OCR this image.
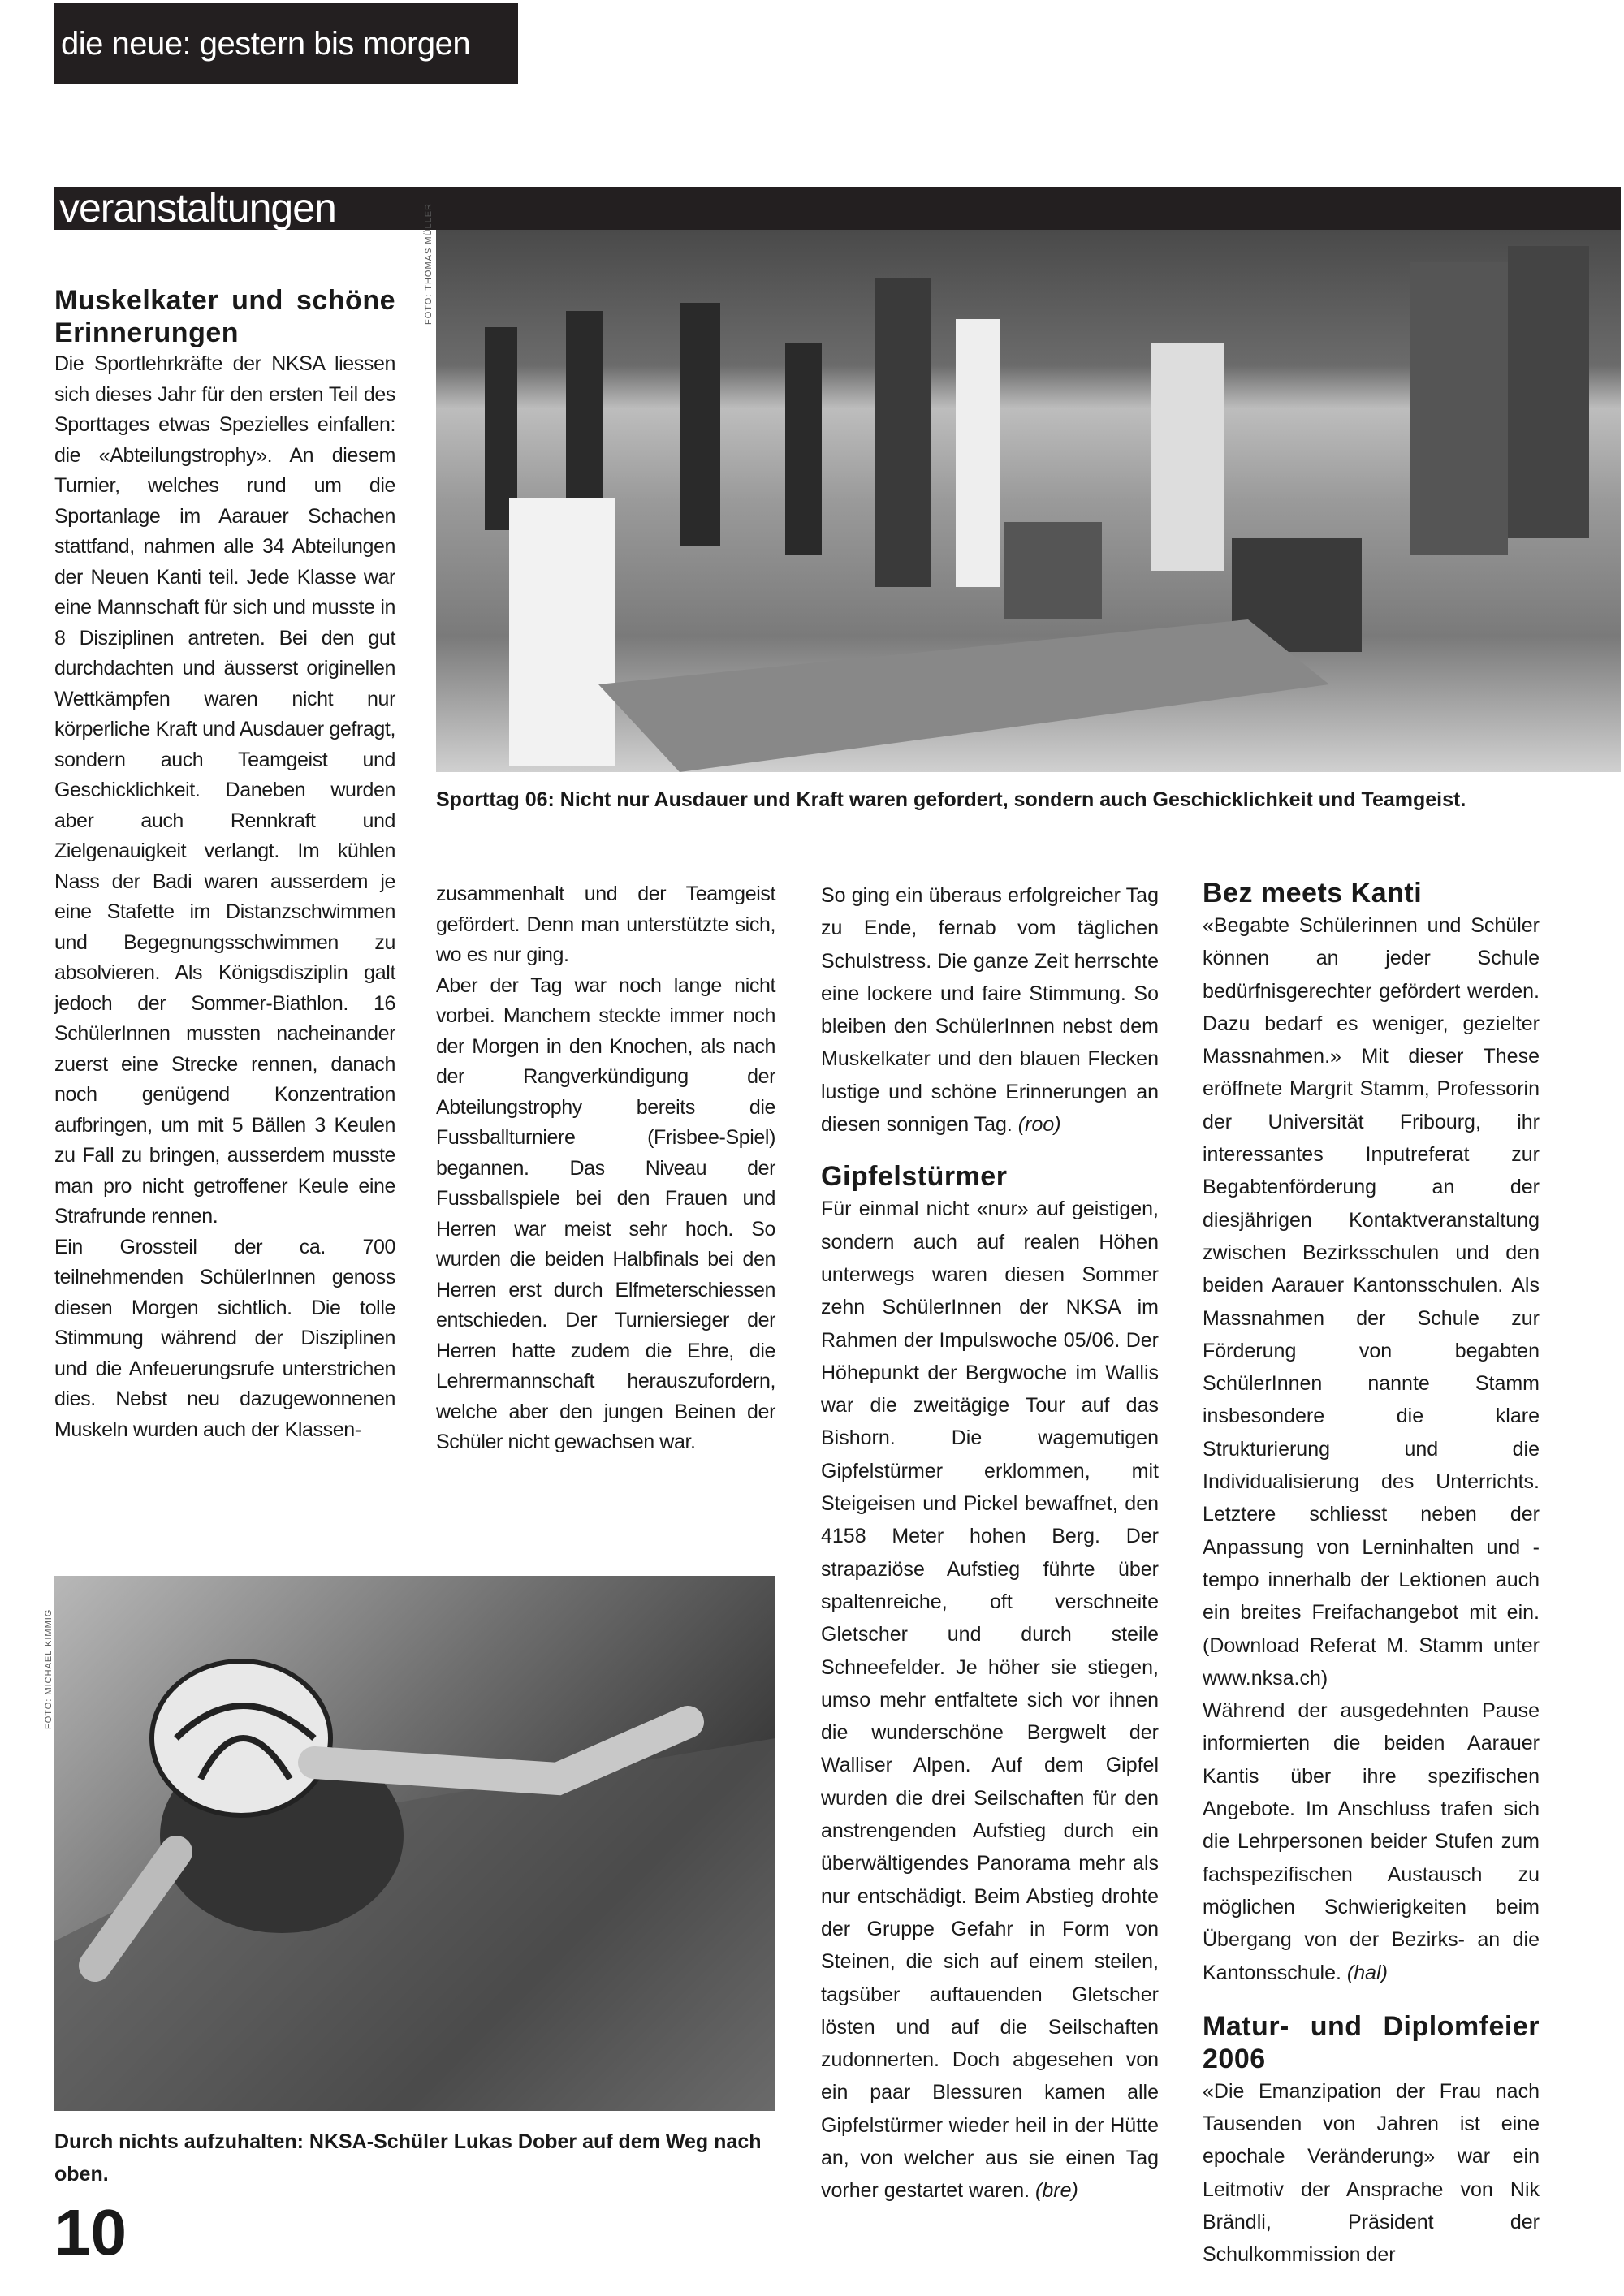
die neue: gestern bis morgen
veranstaltungen	FOTO: THOMAS MÜLLER
Sporttag 06: Nicht nur Ausdauer und Kraft waren gefordert, sondern auch Geschicklichkeit und Teamgeist.
Muskelkater und schöne Erinnerungen

Die Sportlehrkräfte der NKSA liessen sich dieses Jahr für den ersten Teil des Sporttages etwas Spezielles einfallen: die «Abteilungstrophy». An diesem Turnier, welches rund um die Sportanlage im Aarauer Schachen stattfand, nahmen alle 34 Abteilungen der Neuen Kanti teil. Jede Klasse war eine Mannschaft für sich und musste in 8 Disziplinen antreten. Bei den gut durchdachten und äusserst originellen Wettkämpfen waren nicht nur körperliche Kraft und Ausdauer gefragt, sondern auch Teamgeist und Geschicklichkeit. Daneben wurden aber auch Rennkraft und Zielgenauigkeit verlangt. Im kühlen Nass der Badi waren ausserdem je eine Stafette im Distanzschwimmen und Begegnungsschwimmen zu absolvieren. Als Königsdisziplin galt jedoch der Sommer-Biathlon. 16 SchülerInnen mussten nacheinander zuerst eine Strecke rennen, danach noch genügend Konzentration aufbringen, um mit 5 Bällen 3 Keulen zu Fall zu bringen, ausserdem musste man pro nicht getroffener Keule eine Strafrunde rennen.

Ein Grossteil der ca. 700 teilnehmenden SchülerInnen genoss diesen Morgen sichtlich. Die tolle Stimmung während der Disziplinen und die Anfeuerungsrufe unterstrichen dies. Nebst neu dazugewonnenen Muskeln wurden auch der Klassen-

zusammenhalt und der Teamgeist gefördert. Denn man unterstützte sich, wo es nur ging.

Aber der Tag war noch lange nicht vorbei. Manchem steckte immer noch der Morgen in den Knochen, als nach der Rangverkündigung der Abteilungstrophy bereits die Fussballturniere (Frisbee-Spiel) begannen. Das Niveau der Fussballspiele bei den Frauen und Herren war meist sehr hoch. So wurden die beiden Halbfinals bei den Herren erst durch Elfmeterschiessen entschieden. Der Turniersieger der Herren hatte zudem die Ehre, die Lehrermannschaft herauszufordern, welche aber den jungen Beinen der Schüler nicht gewachsen war.

So ging ein überaus erfolgreicher Tag zu Ende, fernab vom täglichen Schulstress. Die ganze Zeit herrschte eine lockere und faire Stimmung. So bleiben den SchülerInnen nebst dem Muskelkater und den blauen Flecken lustige und schöne Erinnerungen an diesen sonnigen Tag. (roo)

Gipfelstürmer

Für einmal nicht «nur» auf geistigen, sondern auch auf realen Höhen unterwegs waren diesen Sommer zehn SchülerInnen der NKSA im Rahmen der Impulswoche 05/06. Der Höhepunkt der Bergwoche im Wallis war die zweitägige Tour auf das Bishorn. Die wagemutigen Gipfelstürmer erklommen, mit Steigeisen und Pickel bewaffnet, den 4158 Meter hohen Berg. Der strapaziöse Aufstieg führte über spaltenreiche, oft verschneite Gletscher und durch steile Schneefelder. Je höher sie stiegen, umso mehr entfaltete sich vor ihnen die wunderschöne Bergwelt der Walliser Alpen. Auf dem Gipfel wurden die drei Seilschaften für den anstrengenden Aufstieg durch ein überwältigendes Panorama mehr als nur entschädigt. Beim Abstieg drohte der Gruppe Gefahr in Form von Steinen, die sich auf einem steilen, tagsüber auftauenden Gletscher lösten und auf die Seilschaften zudonnerten. Doch abgesehen von ein paar Blessuren kamen alle Gipfelstürmer wieder heil in der Hütte an, von welcher aus sie einen Tag vorher gestartet waren. (bre)

Bez meets Kanti

«Begabte Schülerinnen und Schüler können an jeder Schule bedürfnisgerechter gefördert werden. Dazu bedarf es weniger, gezielter Massnahmen.» Mit dieser These eröffnete Margrit Stamm, Professorin der Universität Fribourg, ihr interessantes Inputreferat zur Begabtenförderung an der diesjährigen Kontaktveranstaltung zwischen Bezirksschulen und den beiden Aarauer Kantonsschulen. Als Massnahmen der Schule zur Förderung von begabten SchülerInnen nannte Stamm insbesondere die klare Strukturierung und die Individualisierung des Unterrichts. Letztere schliesst neben der Anpassung von Lerninhalten und -tempo innerhalb der Lektionen auch ein breites Freifachangebot mit ein. (Download Referat M. Stamm unter www.nksa.ch)

Während der ausgedehnten Pause informierten die beiden Aarauer Kantis über ihre spezifischen Angebote. Im Anschluss trafen sich die Lehrpersonen beider Stufen zum fachspezifischen Austausch zu möglichen Schwierigkeiten beim Übergang von der Bezirks- an die Kantonsschule. (hal)

Matur- und Diplomfeier 2006

«Die Emanzipation der Frau nach Tausenden von Jahren ist eine epochale Veränderung» war ein Leitmotiv der Ansprache von Nik Brändli, Präsident der Schulkommission der

FOTO: MICHAEL KIMMIG
Durch nichts aufzuhalten: NKSA-Schüler Lukas Dober auf dem Weg nach oben.
10
